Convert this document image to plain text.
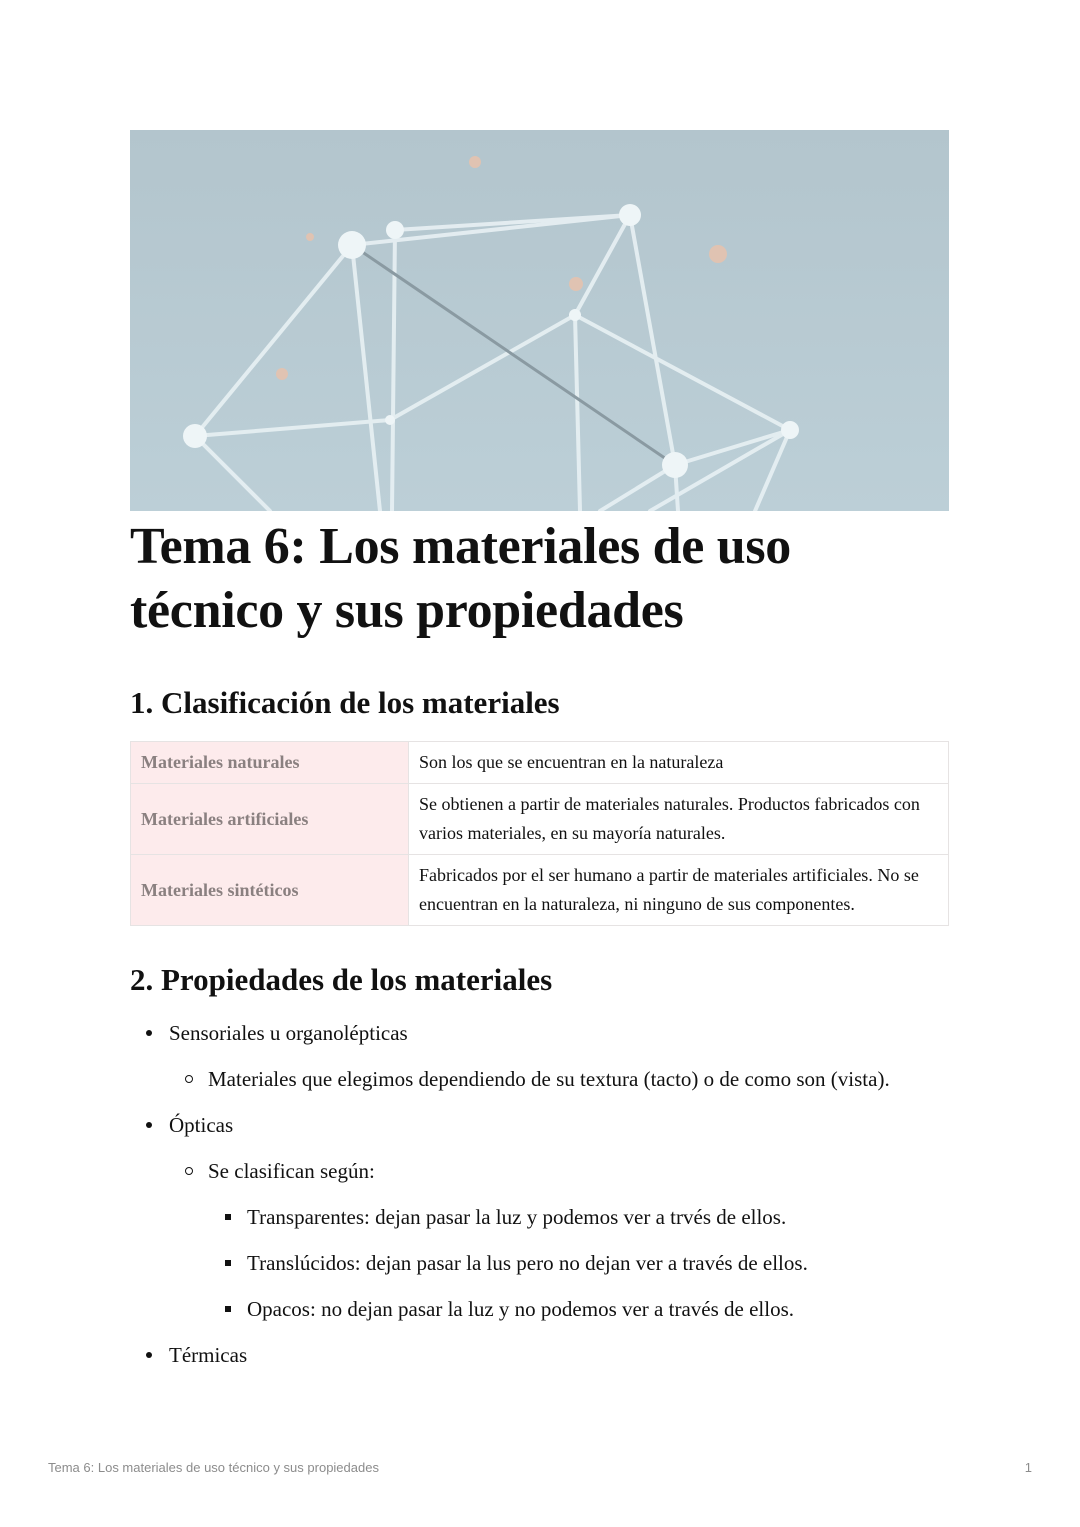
Tema 6: Los materiales de uso
técnico y sus propiedades
1. Clasificación de los materiales
Materiales naturales	Son los que se encuentran en la naturaleza
Materiales artificiales	Se obtienen a partir de materiales naturales. Productos fabricados con varios materiales, en su mayoría naturales.
Materiales sintéticos	Fabricados por el ser humano a partir de materiales artificiales. No se encuentran en la naturaleza, ni ninguno de sus componentes.
2. Propiedades de los materiales
Sensoriales u organolépticas
Materiales que elegimos dependiendo de su textura (tacto) o de como son (vista).
Ópticas
Se clasifican según:
Transparentes: dejan pasar la luz y podemos ver a trvés de ellos.
Translúcidos: dejan pasar la lus pero no dejan ver a través de ellos.
Opacos: no dejan pasar la luz y no podemos ver a través de ellos.
Térmicas
Tema 6: Los materiales de uso técnico y sus propiedades	1
